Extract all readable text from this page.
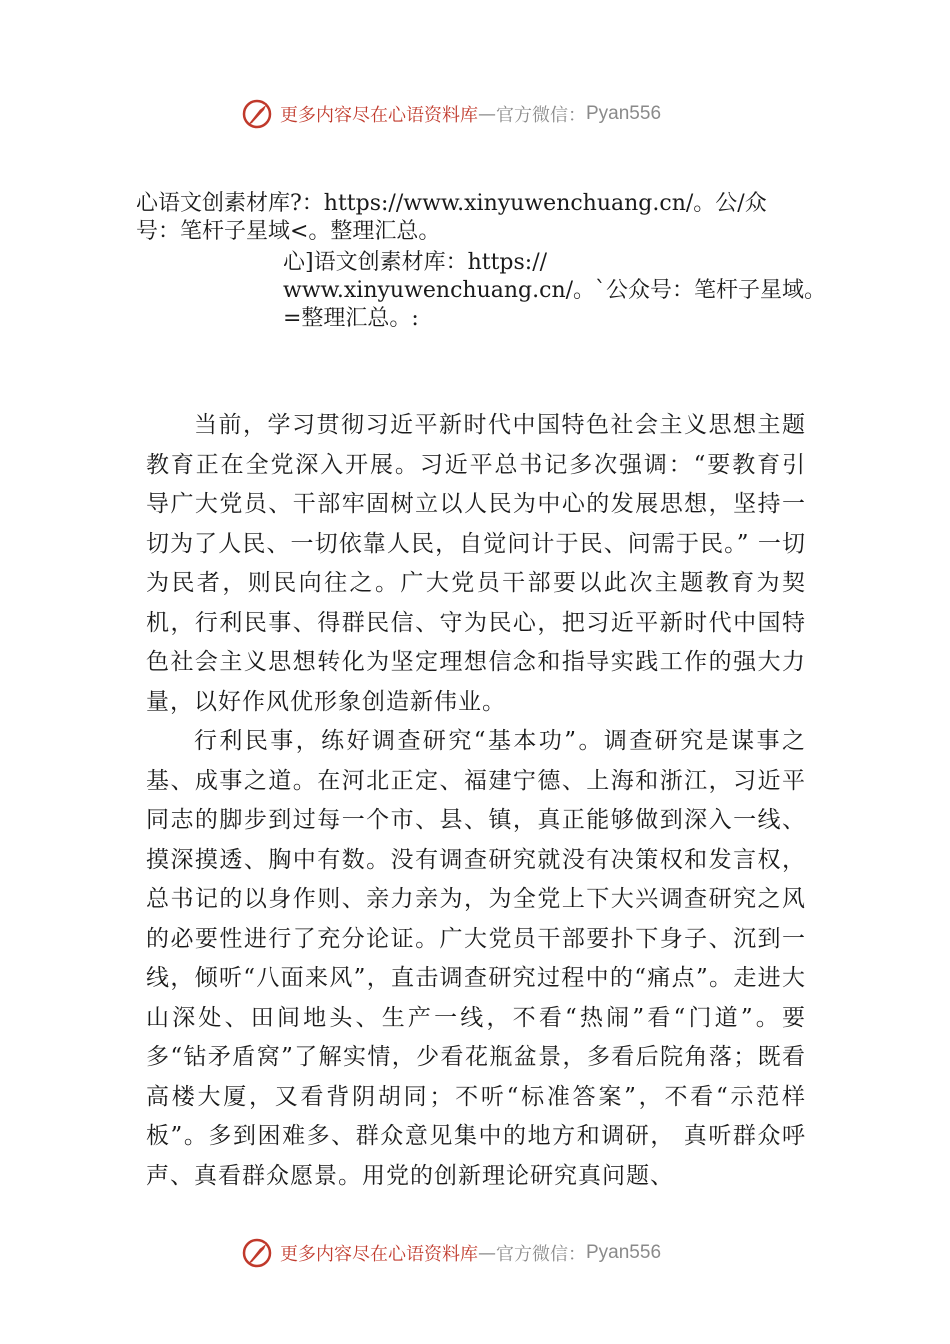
更多内容尽在心语资料库 — 官方微信： Pyan556
心语文创素材库?：https://www.xinyuwenchuang.cn/。公/众
号：笔杆子星域<。整理汇总。
心]语文创素材库：https://
www.xinyuwenchuang.cn/。`公众号：笔杆子星域。
=整理汇总。:

当前，学习贯彻习近平新时代中国特色社会主义思想主题教育正在全党深入开展。习近平总书记多次强调：“要教育引导广大党员、干部牢固树立以人民为中心的发展思想，坚持一切为了人民、一切依靠人民，自觉问计于民、问需于民。” 一切为民者，则民向往之。广大党员干部要以此次主题教育为契机，行利民事、得群民信、守为民心，把习近平新时代中国特色社会主义思想转化为坚定理想信念和指导实践工作的强大力量，以好作风优形象创造新伟业。

行利民事，练好调查研究“基本功”。调查研究是谋事之基、成事之道。在河北正定、福建宁德、上海和浙江，习近平同志的脚步到过每一个市、县、镇，真正能够做到深入一线、摸深摸透、胸中有数。没有调查研究就没有决策权和发言权，总书记的以身作则、亲力亲为，为全党上下大兴调查研究之风的必要性进行了充分论证。广大党员干部要扑下身子、沉到一线，倾听“八面来风”，直击调查研究过程中的“痛点”。走进大山深处、田间地头、生产一线，不看“热闹”看“门道”。要多“钻矛盾窝”了解实情，少看花瓶盆景，多看后院角落；既看高楼大厦，又看背阴胡同；不听“标准答案”，不看“示范样板”。多到困难多、群众意见集中的地方和调研， 真听群众呼声、真看群众愿景。用党的创新理论研究真问题、

更多内容尽在心语资料库 — 官方微信： Pyan556
